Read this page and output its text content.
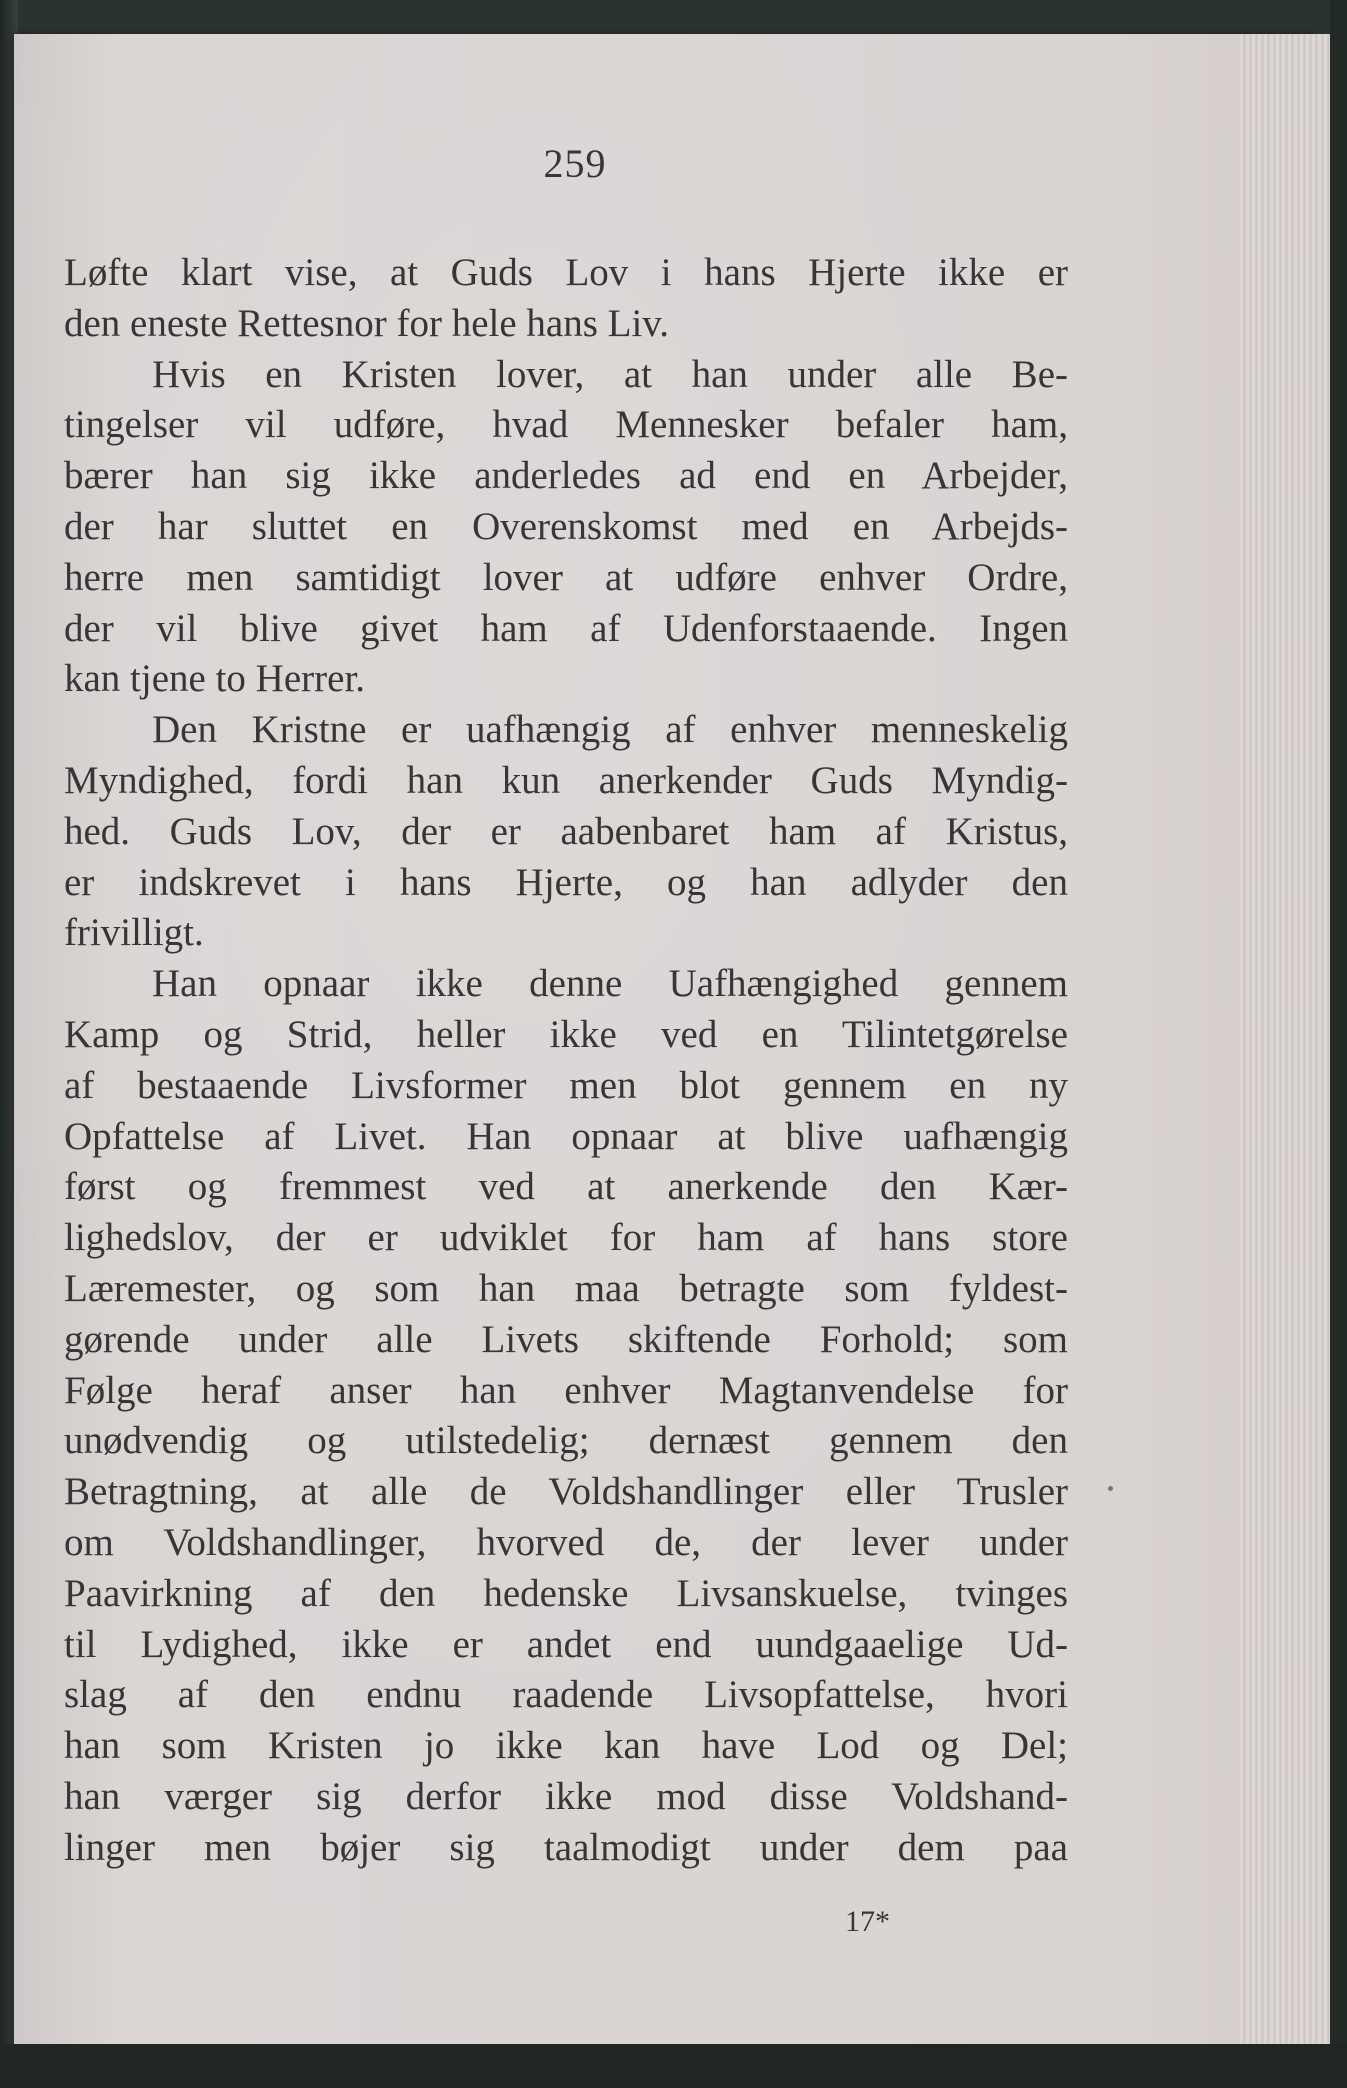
259
Løfte klart vise, at Guds Lov i hans Hjerte ikke er
den eneste Rettesnor for hele hans Liv.
Hvis en Kristen lover, at han under alle Be-
tingelser vil udføre, hvad Mennesker befaler ham,
bærer han sig ikke anderledes ad end en Arbejder,
der har sluttet en Overenskomst med en Arbejds-
herre men samtidigt lover at udføre enhver Ordre,
der vil blive givet ham af Udenforstaaende. Ingen
kan tjene to Herrer.
Den Kristne er uafhængig af enhver menneskelig
Myndighed, fordi han kun anerkender Guds Myndig-
hed. Guds Lov, der er aabenbaret ham af Kristus,
er indskrevet i hans Hjerte, og han adlyder den
frivilligt.
Han opnaar ikke denne Uafhængighed gennem
Kamp og Strid, heller ikke ved en Tilintetgørelse
af bestaaende Livsformer men blot gennem en ny
Opfattelse af Livet. Han opnaar at blive uafhængig
først og fremmest ved at anerkende den Kær-
lighedslov, der er udviklet for ham af hans store
Læremester, og som han maa betragte som fyldest-
gørende under alle Livets skiftende Forhold; som
Følge heraf anser han enhver Magtanvendelse for
unødvendig og utilstedelig; dernæst gennem den
Betragtning, at alle de Voldshandlinger eller Trusler
om Voldshandlinger, hvorved de, der lever under
Paavirkning af den hedenske Livsanskuelse, tvinges
til Lydighed, ikke er andet end uundgaaelige Ud-
slag af den endnu raadende Livsopfattelse, hvori
han som Kristen jo ikke kan have Lod og Del;
han værger sig derfor ikke mod disse Voldshand-
linger men bøjer sig taalmodigt under dem paa
17*
